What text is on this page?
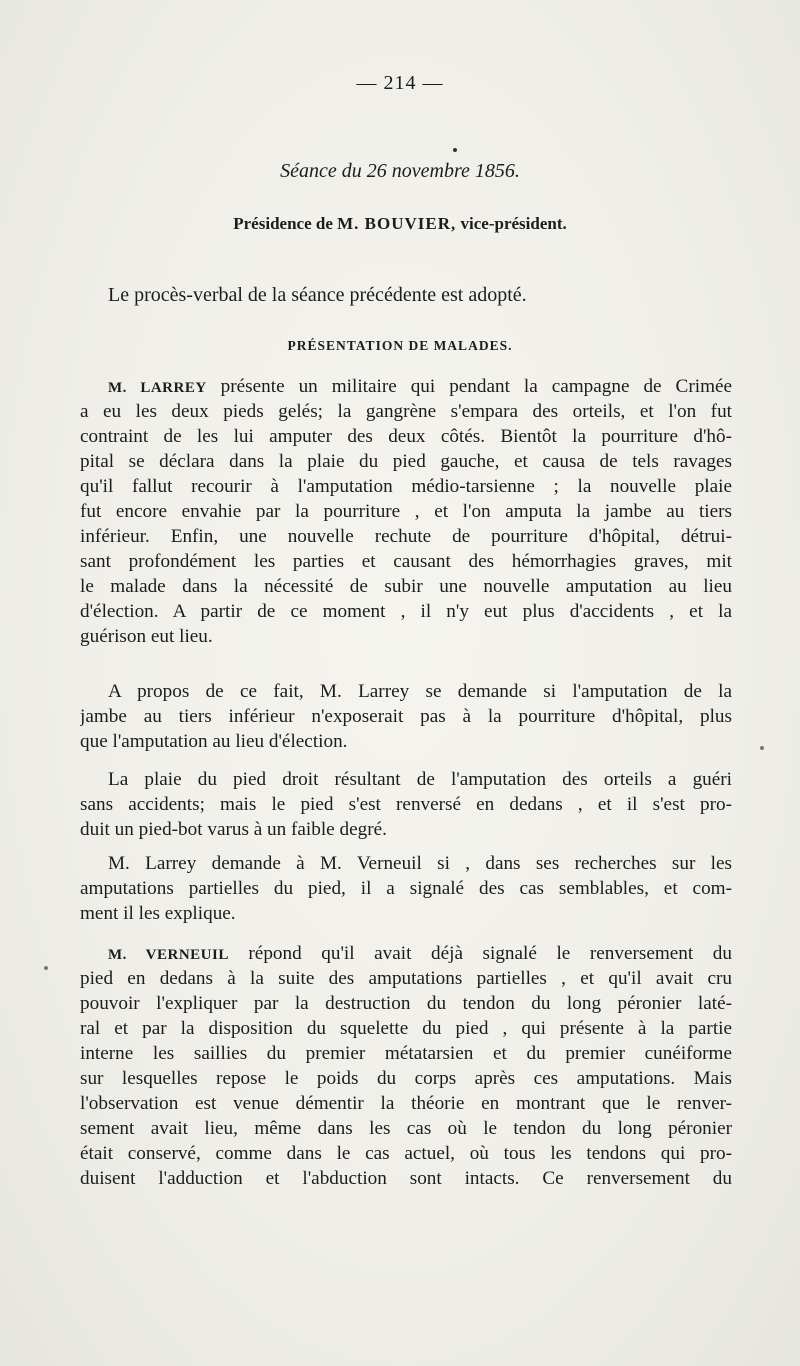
— 214 —
Séance du 26 novembre 1856.
Présidence de M. BOUVIER, vice-président.
Le procès-verbal de la séance précédente est adopté.
PRÉSENTATION DE MALADES.
M. LARREY présente un militaire qui pendant la campagne de Crimée
a eu les deux pieds gelés; la gangrène s'empara des orteils, et l'on fut
contraint de les lui amputer des deux côtés. Bientôt la pourriture d'hô-
pital se déclara dans la plaie du pied gauche, et causa de tels ravages
qu'il fallut recourir à l'amputation médio-tarsienne ; la nouvelle plaie
fut encore envahie par la pourriture , et l'on amputa la jambe au tiers
inférieur. Enfin, une nouvelle rechute de pourriture d'hôpital, détrui-
sant profondément les parties et causant des hémorrhagies graves, mit
le malade dans la nécessité de subir une nouvelle amputation au lieu
d'élection. A partir de ce moment , il n'y eut plus d'accidents , et la
guérison eut lieu.
A propos de ce fait, M. Larrey se demande si l'amputation de la
jambe au tiers inférieur n'exposerait pas à la pourriture d'hôpital, plus
que l'amputation au lieu d'élection.
La plaie du pied droit résultant de l'amputation des orteils a guéri
sans accidents; mais le pied s'est renversé en dedans , et il s'est pro-
duit un pied-bot varus à un faible degré.
M. Larrey demande à M. Verneuil si , dans ses recherches sur les
amputations partielles du pied, il a signalé des cas semblables, et com-
ment il les explique.
M. VERNEUIL répond qu'il avait déjà signalé le renversement du
pied en dedans à la suite des amputations partielles , et qu'il avait cru
pouvoir l'expliquer par la destruction du tendon du long péronier laté-
ral et par la disposition du squelette du pied , qui présente à la partie
interne les saillies du premier métatarsien et du premier cunéiforme
sur lesquelles repose le poids du corps après ces amputations. Mais
l'observation est venue démentir la théorie en montrant que le renver-
sement avait lieu, même dans les cas où le tendon du long péronier
était conservé, comme dans le cas actuel, où tous les tendons qui pro-
duisent l'adduction et l'abduction sont intacts. Ce renversement du
